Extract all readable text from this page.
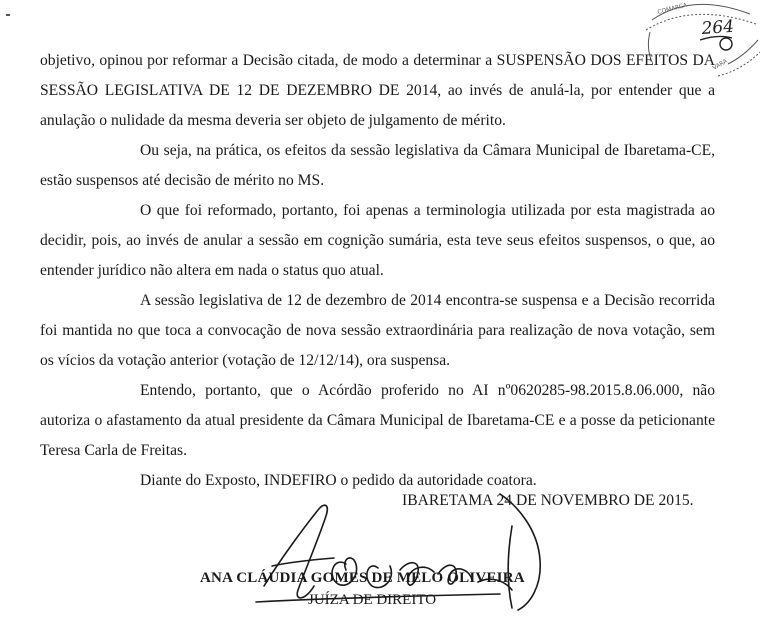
COMARCA
VARA
264

objetivo, opinou por reformar a Decisão citada, de modo a determinar a SUSPENSÃO DOS EFEITOS DA SESSÃO LEGISLATIVA DE 12 DE DEZEMBRO DE 2014, ao invés de anulá-la, por entender que a anulação o nulidade da mesma deveria ser objeto de julgamento de mérito.

Ou seja, na prática, os efeitos da sessão legislativa da Câmara Municipal de Ibaretama-CE, estão suspensos até decisão de mérito no MS.

O que foi reformado, portanto, foi apenas a terminologia utilizada por esta magistrada ao decidir, pois, ao invés de anular a sessão em cognição sumária, esta teve seus efeitos suspensos, o que, ao entender jurídico não altera em nada o status quo atual.

A sessão legislativa de 12 de dezembro de 2014 encontra-se suspensa e a Decisão recorrida foi mantida no que toca a convocação de nova sessão extraordinária para realização de nova votação, sem os vícios da votação anterior (votação de 12/12/14), ora suspensa.

Entendo, portanto, que o Acórdão proferido no AI nº0620285-98.2015.8.06.000, não autoriza o afastamento da atual presidente da Câmara Municipal de Ibaretama-CE e a posse da peticionante Teresa Carla de Freitas.

Diante do Exposto, INDEFIRO o pedido da autoridade coatora.

IBARETAMA 24 DE NOVEMBRO DE 2015.
ANA CLÁUDIA GOMES DE MELO OLIVEIRA
JUÍZA DE DIREITO
